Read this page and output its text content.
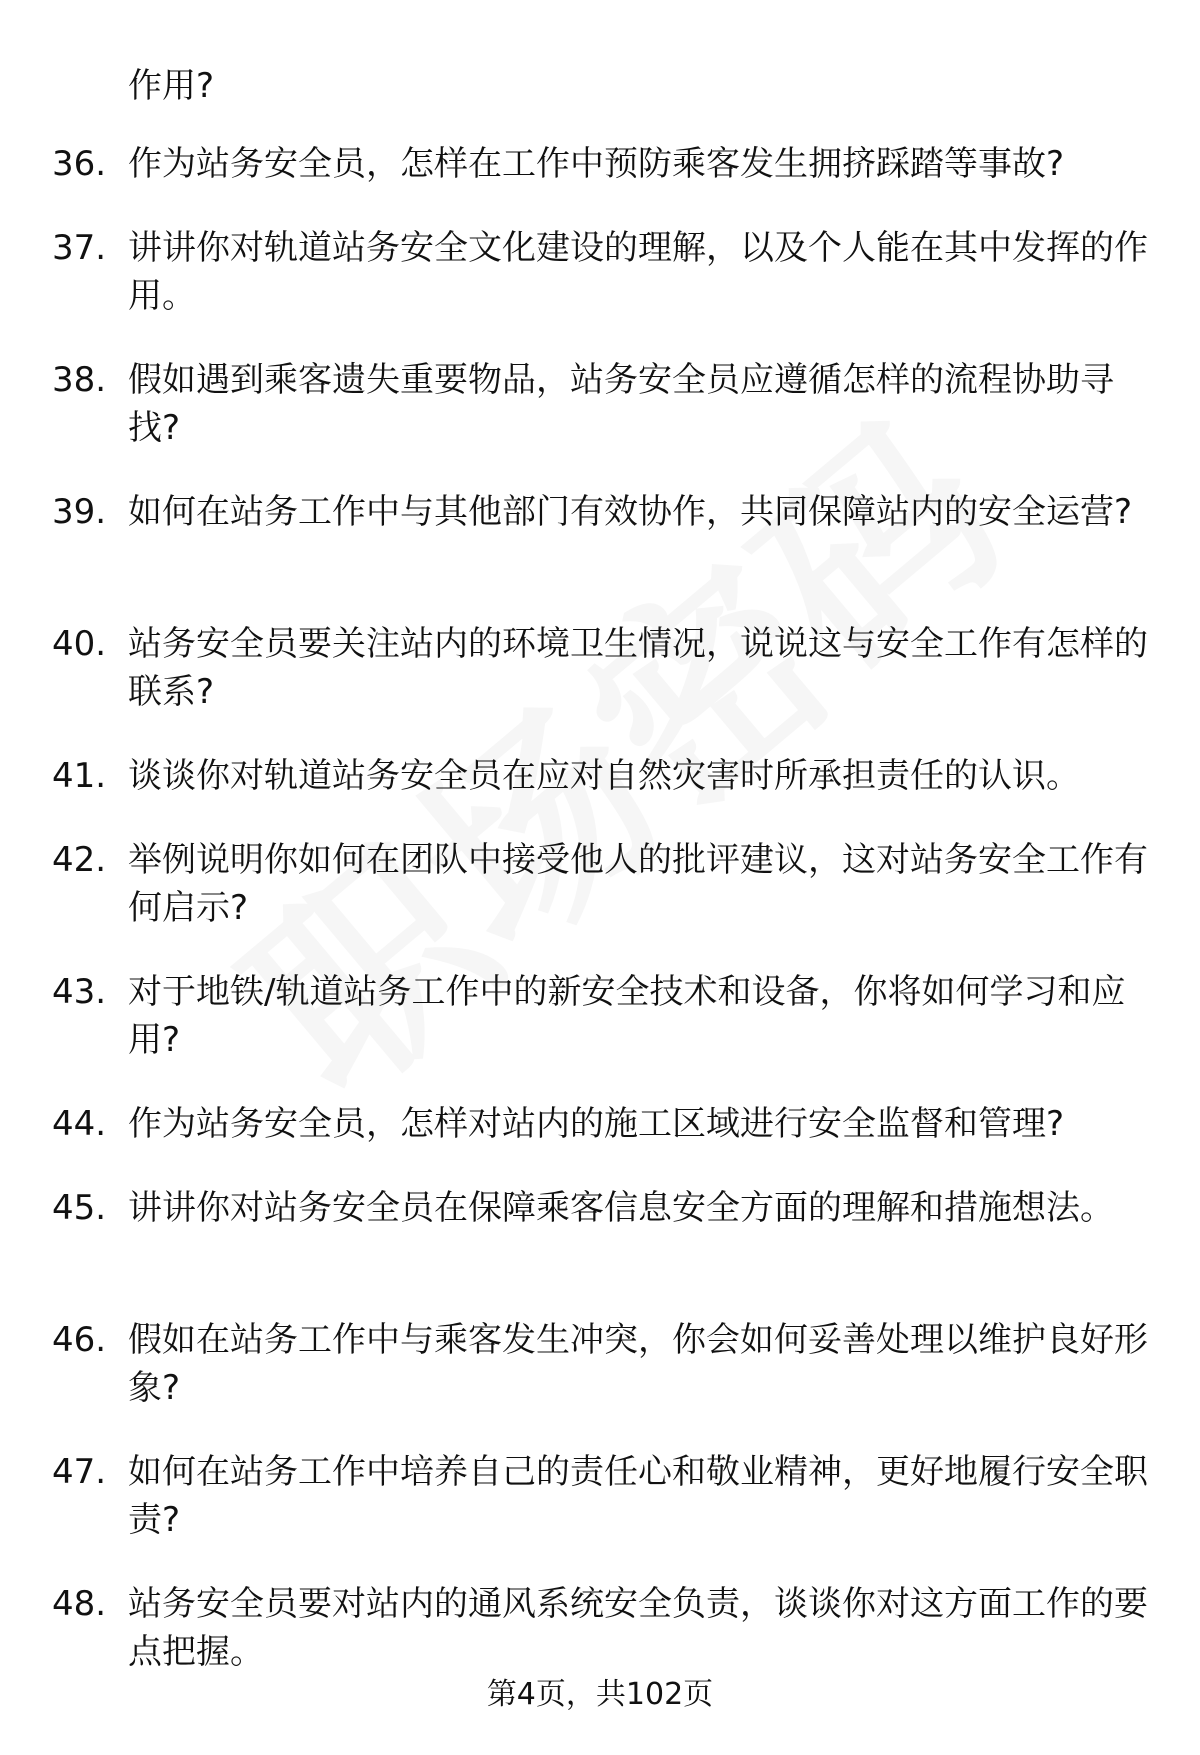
作用?

36. 作为站务安全员，怎样在工作中预防乘客发生拥挤踩踏等事故?
37. 讲讲你对轨道站务安全文化建设的理解，以及个人能在其中发挥的作用。
38. 假如遇到乘客遗失重要物品，站务安全员应遵循怎样的流程协助寻找?
39. 如何在站务工作中与其他部门有效协作，共同保障站内的安全运营?
40. 站务安全员要关注站内的环境卫生情况，说说这与安全工作有怎样的联系?
41. 谈谈你对轨道站务安全员在应对自然灾害时所承担责任的认识。
42. 举例说明你如何在团队中接受他人的批评建议，这对站务安全工作有何启示?
43. 对于地铁/轨道站务工作中的新安全技术和设备，你将如何学习和应用?
44. 作为站务安全员，怎样对站内的施工区域进行安全监督和管理?
45. 讲讲你对站务安全员在保障乘客信息安全方面的理解和措施想法。
46. 假如在站务工作中与乘客发生冲突，你会如何妥善处理以维护良好形象?
47. 如何在站务工作中培养自己的责任心和敬业精神，更好地履行安全职责?
48. 站务安全员要对站内的通风系统安全负责，谈谈你对这方面工作的要点把握。
第4页，共102页
